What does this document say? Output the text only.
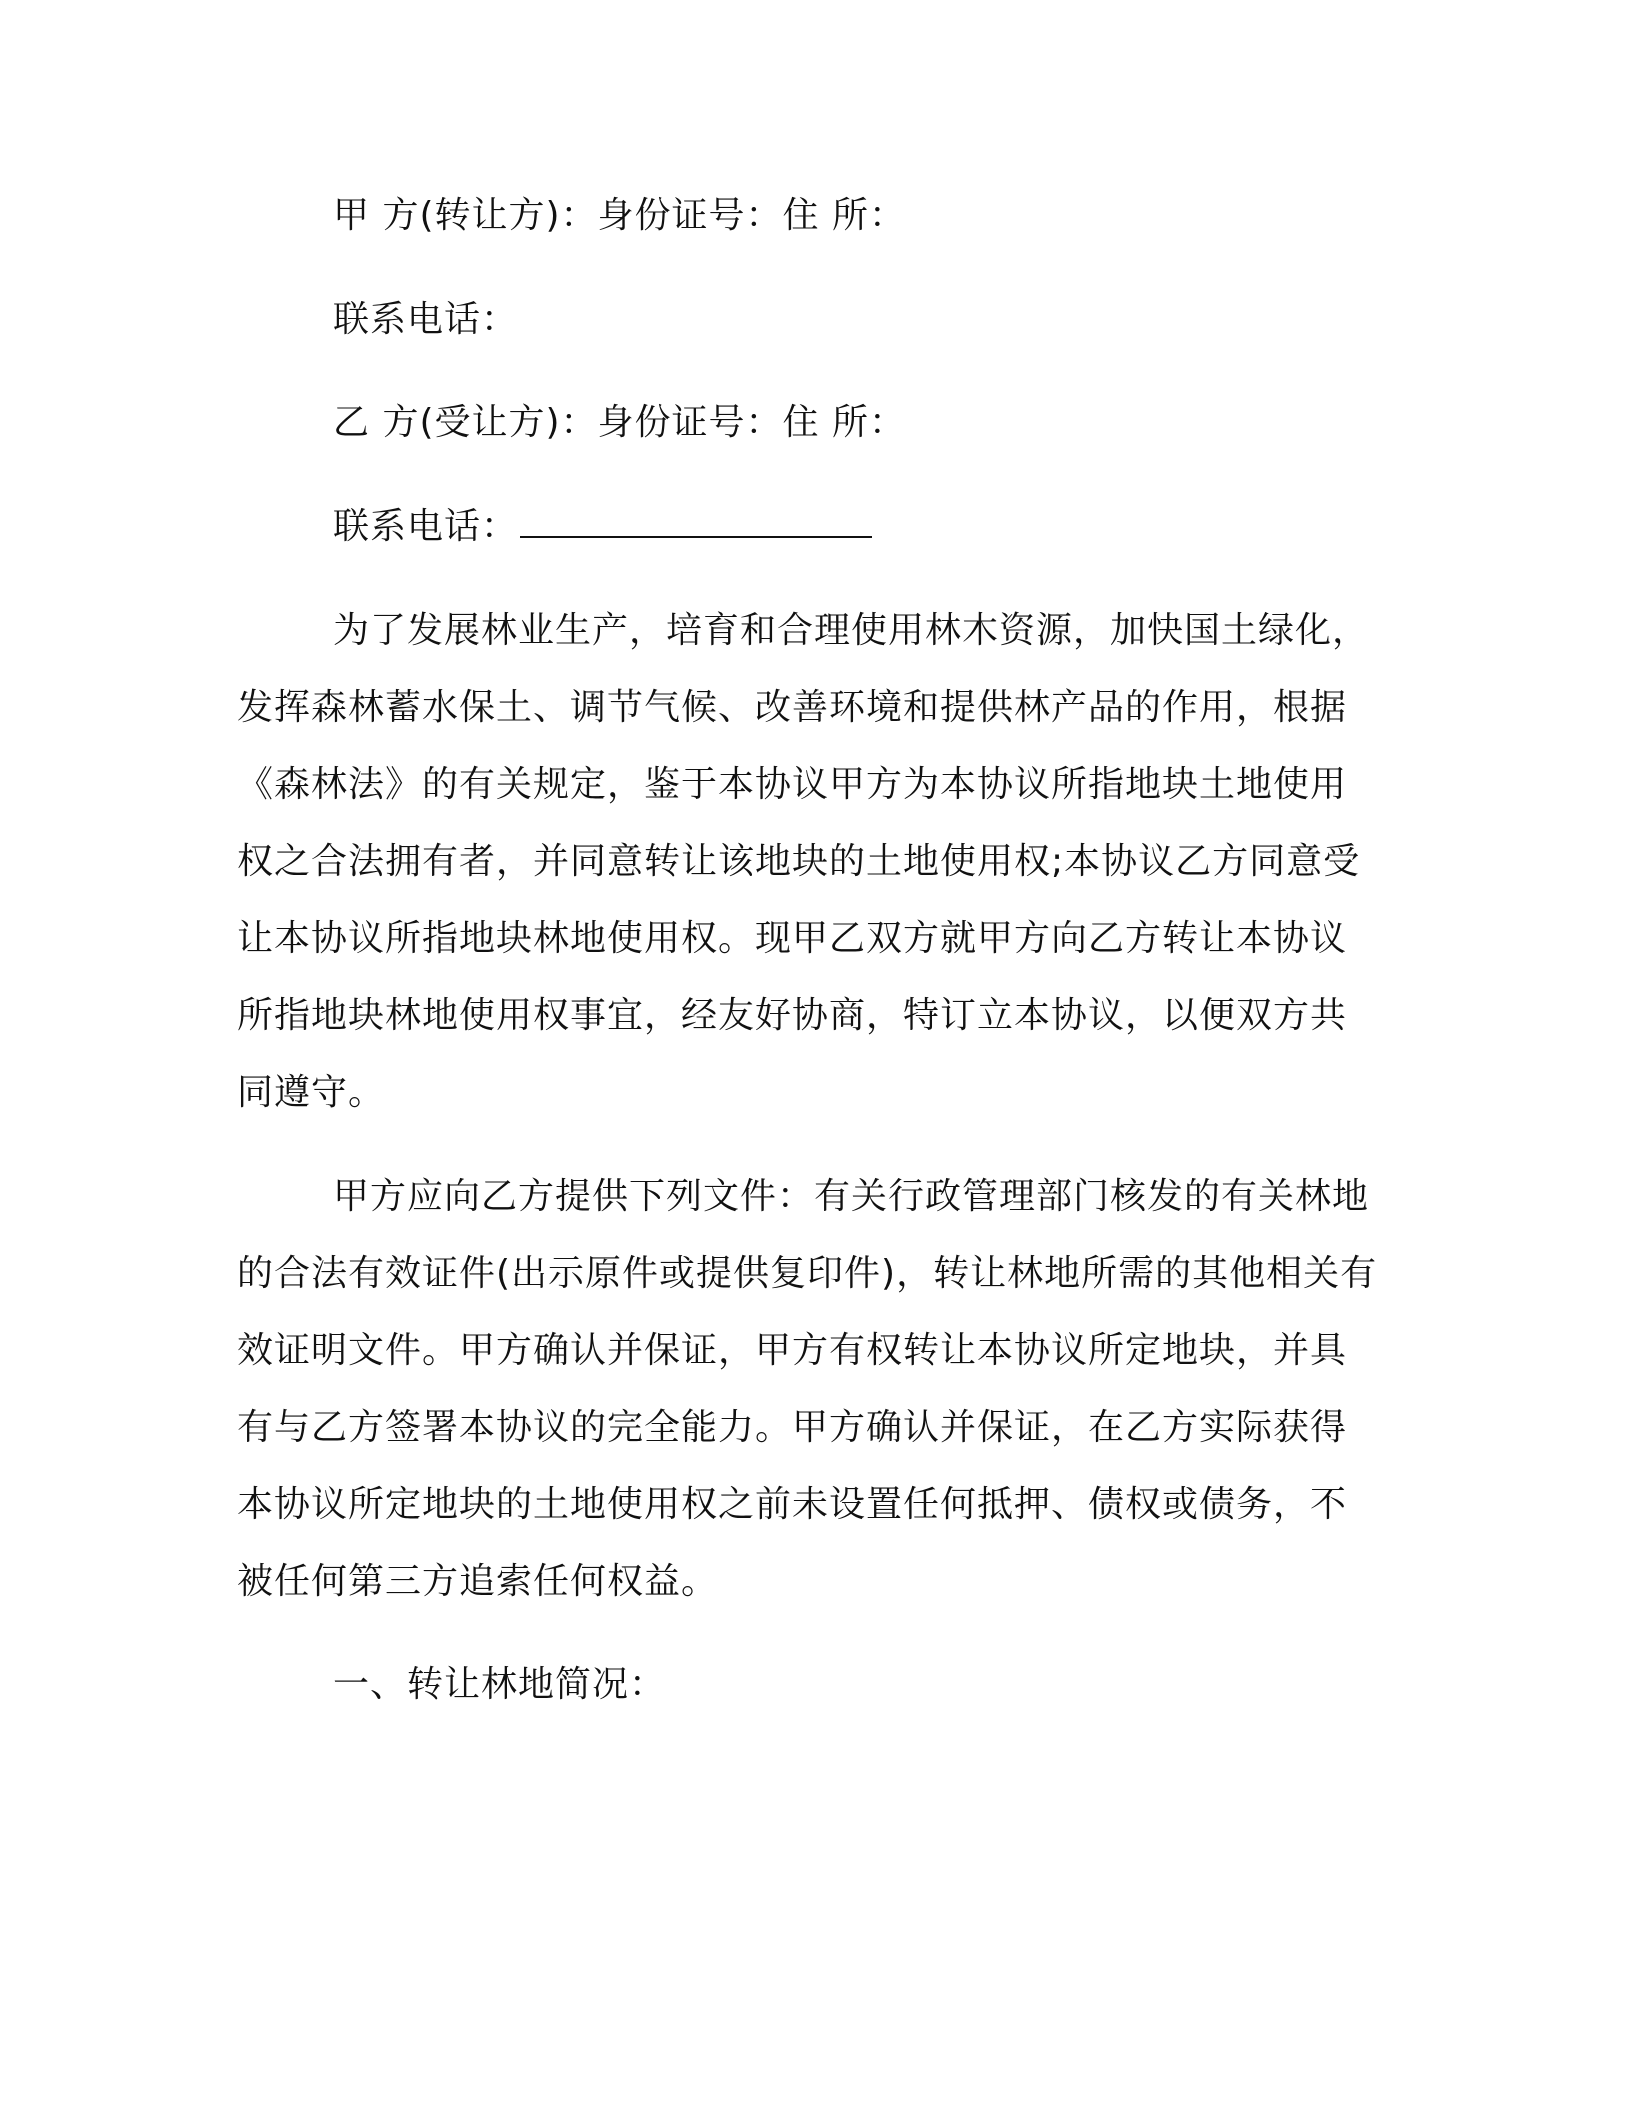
甲 方(转让方)：身份证号：住 所：
联系电话：
乙 方(受让方)：身份证号：住 所：
联系电话：
为了发展林业生产，培育和合理使用林木资源，加快国土绿化，
发挥森林蓄水保土、调节气候、改善环境和提供林产品的作用，根据
《森林法》的有关规定，鉴于本协议甲方为本协议所指地块土地使用
权之合法拥有者，并同意转让该地块的土地使用权;本协议乙方同意受
让本协议所指地块林地使用权。现甲乙双方就甲方向乙方转让本协议
所指地块林地使用权事宜，经友好协商，特订立本协议，以便双方共
同遵守。
甲方应向乙方提供下列文件：有关行政管理部门核发的有关林地
的合法有效证件(出示原件或提供复印件)，转让林地所需的其他相关有
效证明文件。甲方确认并保证，甲方有权转让本协议所定地块，并具
有与乙方签署本协议的完全能力。甲方确认并保证，在乙方实际获得
本协议所定地块的土地使用权之前未设置任何抵押、债权或债务，不
被任何第三方追索任何权益。
一、转让林地简况：
